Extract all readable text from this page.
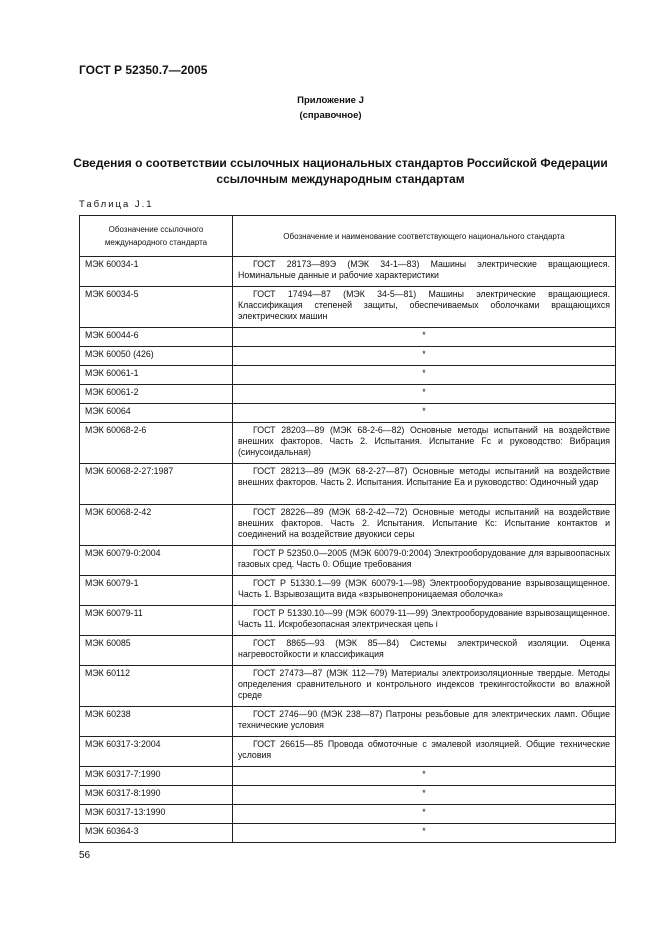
ГОСТ Р 52350.7—2005
Приложение J
(справочное)
Сведения о соответствии ссылочных национальных стандартов Российской Федерации
ссылочным международным стандартам
Таблица J.1
Обозначение ссылочного
международного стандарта	Обозначение и наименование соответствующего национального стандарта
МЭК 60034-1	ГОСТ 28173—89Э (МЭК 34-1—83) Машины электрические вращающиеся. Номинальные данные и рабочие характеристики
МЭК 60034-5	ГОСТ 17494—87 (МЭК 34-5—81) Машины электрические вращающиеся. Классификация степеней защиты, обеспечиваемых оболочками вращающихся электрических машин
МЭК 60044-6	*
МЭК 60050 (426)	*
МЭК 60061-1	*
МЭК 60061-2	*
МЭК 60064	*
МЭК 60068-2-6	ГОСТ 28203—89 (МЭК 68-2-6—82) Основные методы испытаний на воздействие внешних факторов. Часть 2. Испытания. Испытание Fc и руководство: Вибрация (синусоидальная)
МЭК 60068-2-27:1987	ГОСТ 28213—89 (МЭК 68-2-27—87) Основные методы испытаний на воздействие внешних факторов. Часть 2. Испытания. Испытание Еа и руководство: Одиночный удар
МЭК 60068-2-42	ГОСТ 28226—89 (МЭК 68-2-42—72) Основные методы испытаний на воздействие внешних факторов. Часть 2. Испытания. Испытание Кс: Испытание контактов и соединений на воздействие двуокиси серы
МЭК 60079-0:2004	ГОСТ Р 52350.0—2005 (МЭК 60079-0:2004) Электрооборудование для взрывоопасных газовых сред. Часть 0. Общие требования
МЭК 60079-1	ГОСТ Р 51330.1—99 (МЭК 60079-1—98) Электрооборудование взрывозащищенное. Часть 1. Взрывозащита вида «взрывонепроницаемая оболочка»
МЭК 60079-11	ГОСТ Р 51330.10—99 (МЭК 60079-11—99) Электрооборудование взрывозащищенное. Часть 11. Искробезопасная электрическая цепь i
МЭК 60085	ГОСТ 8865—93 (МЭК 85—84) Системы электрической изоляции. Оценка нагревостойкости и классификация
МЭК 60112	ГОСТ 27473—87 (МЭК 112—79) Материалы электроизоляционные твердые. Методы определения сравнительного и контрольного индексов трекингостойкости во влажной среде
МЭК 60238	ГОСТ 2746—90 (МЭК 238—87) Патроны резьбовые для электрических ламп. Общие технические условия
МЭК 60317-3:2004	ГОСТ 26615—85 Провода обмоточные с эмалевой изоляцией. Общие технические условия
МЭК 60317-7:1990	*
МЭК 60317-8:1990	*
МЭК 60317-13:1990	*
МЭК 60364-3	*
56
